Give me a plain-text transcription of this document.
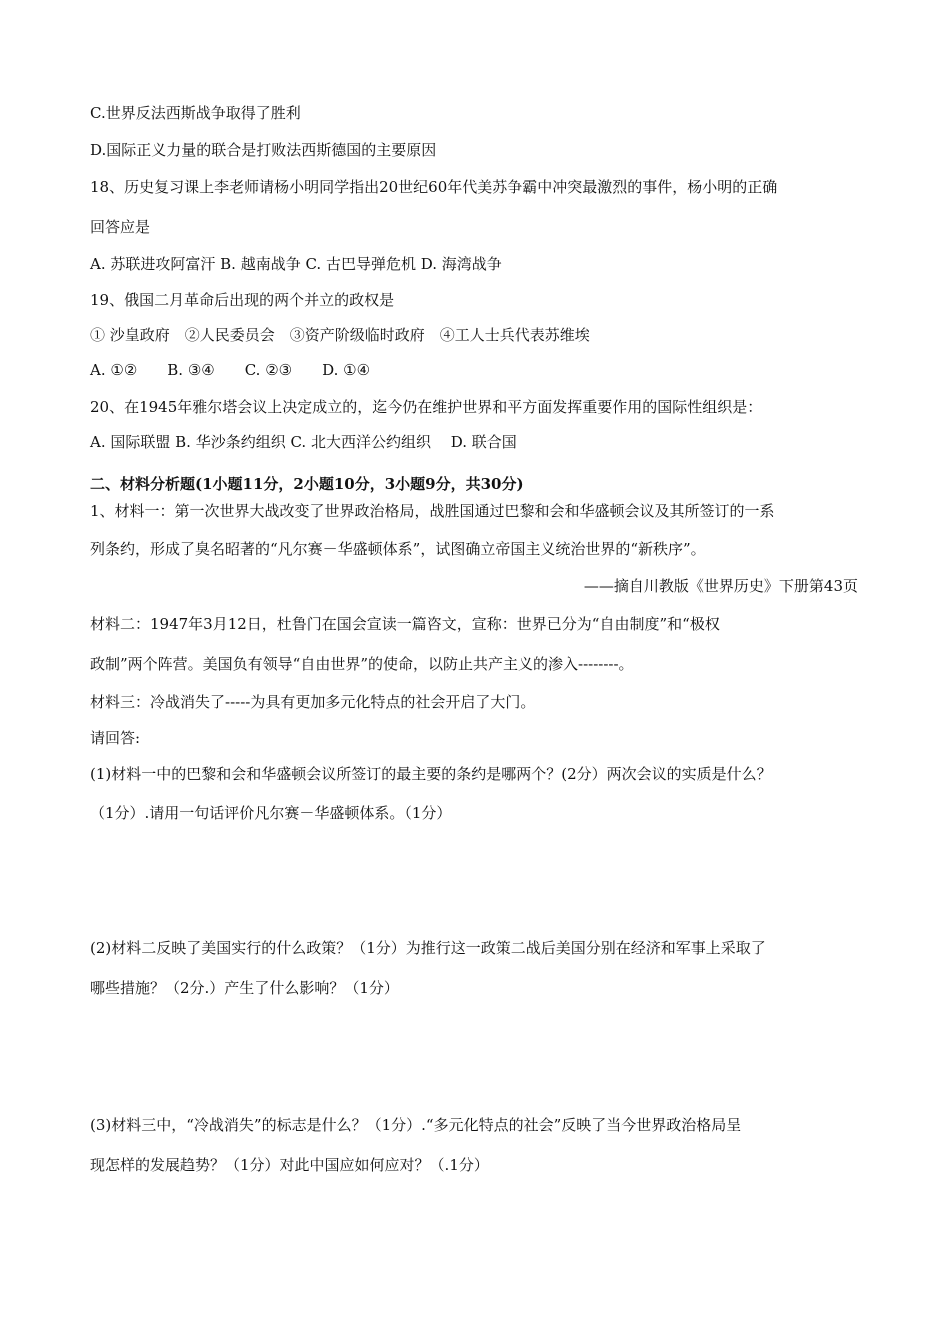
C.世界反法西斯战争取得了胜利
D.国际正义力量的联合是打败法西斯德国的主要原因
18、历史复习课上李老师请杨小明同学指出20世纪60年代美苏争霸中冲突最激烈的事件，杨小明的正确
回答应是
A. 苏联进攻阿富汗 B. 越南战争 C. 古巴导弹危机 D. 海湾战争
19、俄国二月革命后出现的两个并立的政权是
① 沙皇政府　②人民委员会　③资产阶级临时政府　④工人士兵代表苏维埃
A. ①②　　B. ③④　　C. ②③　　D. ①④
20、在1945年雅尔塔会议上决定成立的，迄今仍在维护世界和平方面发挥重要作用的国际性组织是：
A. 国际联盟 B. 华沙条约组织 C. 北大西洋公约组织　 D. 联合国
二、材料分析题(1小题11分，2小题10分，3小题9分，共30分)
1、材料一：第一次世界大战改变了世界政治格局，战胜国通过巴黎和会和华盛顿会议及其所签订的一系
列条约，形成了臭名昭著的“凡尔赛－华盛顿体系”，试图确立帝国主义统治世界的“新秩序”。
——摘自川教版《世界历史》下册第43页
材料二：1947年3月12日，杜鲁门在国会宣读一篇咨文，宣称：世界已分为“自由制度”和“极权
政制”两个阵营。美国负有领导“自由世界”的使命，以防止共产主义的渗入--------。
材料三：冷战消失了-----为具有更加多元化特点的社会开启了大门。
请回答:
(1)材料一中的巴黎和会和华盛顿会议所签订的最主要的条约是哪两个？(2分）两次会议的实质是什么？
（1分）.请用一句话评价凡尔赛－华盛顿体系。（1分）
(2)材料二反映了美国实行的什么政策？（1分）为推行这一政策二战后美国分别在经济和军事上采取了
哪些措施？（2分.）产生了什么影响？（1分）
(3)材料三中，“冷战消失”的标志是什么？（1分）.“多元化特点的社会”反映了当今世界政治格局呈
现怎样的发展趋势？（1分）对此中国应如何应对？（.1分）
